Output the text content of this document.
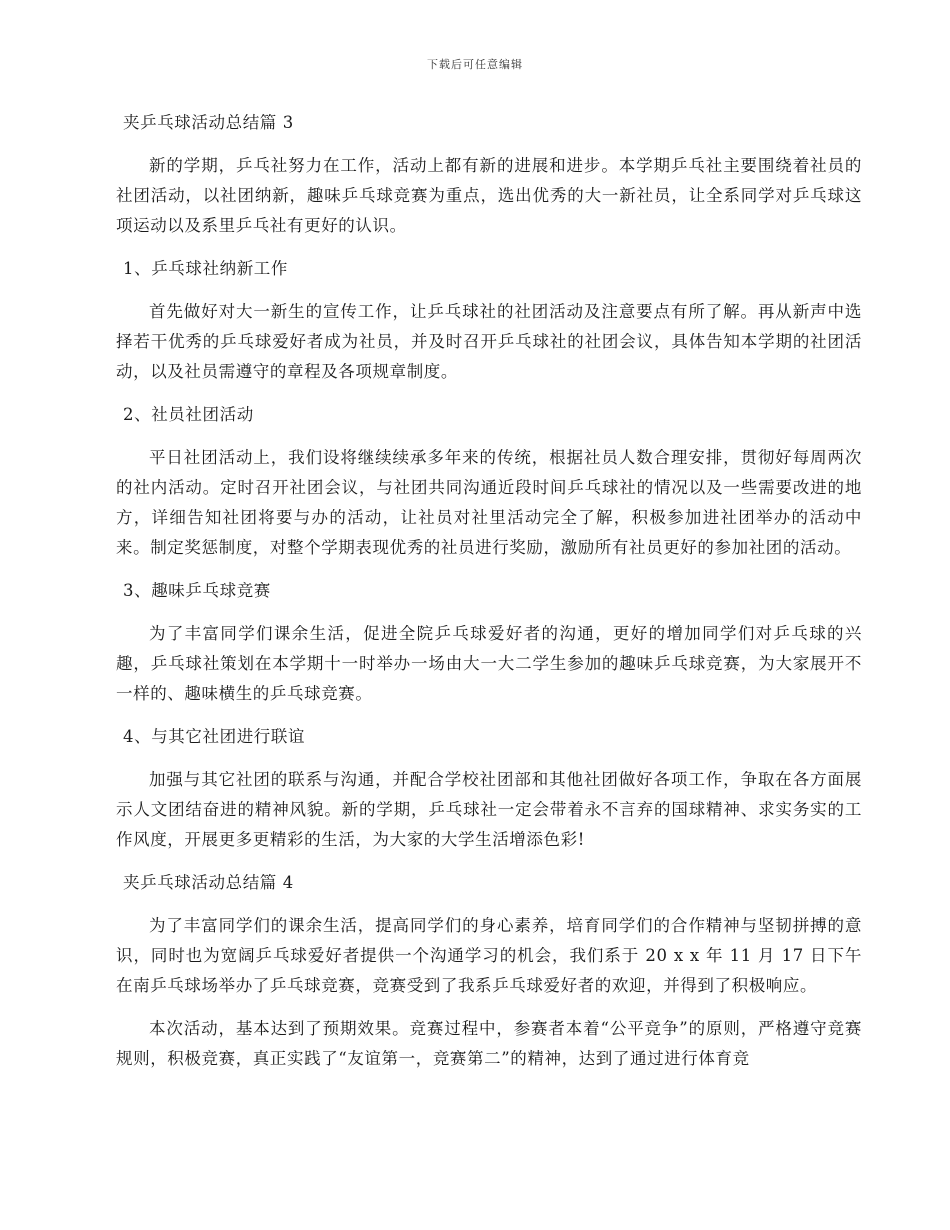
下载后可任意编辑

夹乒乓球活动总结篇 3

新的学期，乒乓社努力在工作，活动上都有新的进展和进步。本学期乒乓社主要围绕着社员的社团活动，以社团纳新，趣味乒乓球竞赛为重点，选出优秀的大一新社员，让全系同学对乒乓球这项运动以及系里乒乓社有更好的认识。

1、乒乓球社纳新工作

首先做好对大一新生的宣传工作，让乒乓球社的社团活动及注意要点有所了解。再从新声中选择若干优秀的乒乓球爱好者成为社员，并及时召开乒乓球社的社团会议，具体告知本学期的社团活动，以及社员需遵守的章程及各项规章制度。

2、社员社团活动

平日社团活动上，我们设将继续续承多年来的传统，根据社员人数合理安排，贯彻好每周两次的社内活动。定时召开社团会议，与社团共同沟通近段时间乒乓球社的情况以及一些需要改进的地方，详细告知社团将要与办的活动，让社员对社里活动完全了解，积极参加进社团举办的活动中来。制定奖惩制度，对整个学期表现优秀的社员进行奖励，激励所有社员更好的参加社团的活动。

3、趣味乒乓球竞赛

为了丰富同学们课余生活，促进全院乒乓球爱好者的沟通，更好的增加同学们对乒乓球的兴趣，乒乓球社策划在本学期十一时举办一场由大一大二学生参加的趣味乒乓球竞赛，为大家展开不一样的、趣味横生的乒乓球竞赛。

4、与其它社团进行联谊

加强与其它社团的联系与沟通，并配合学校社团部和其他社团做好各项工作，争取在各方面展示人文团结奋进的精神风貌。新的学期，乒乓球社一定会带着永不言弃的国球精神、求实务实的工作风度，开展更多更精彩的生活，为大家的大学生活增添色彩!

夹乒乓球活动总结篇 4

为了丰富同学们的课余生活，提高同学们的身心素养，培育同学们的合作精神与坚韧拼搏的意识，同时也为宽阔乒乓球爱好者提供一个沟通学习的机会，我们系于 20 x x 年 11 月 17 日下午在南乒乓球场举办了乒乓球竞赛，竞赛受到了我系乒乓球爱好者的欢迎，并得到了积极响应。

本次活动，基本达到了预期效果。竞赛过程中，参赛者本着“公平竞争”的原则，严格遵守竞赛规则，积极竞赛，真正实践了“友谊第一，竞赛第二”的精神，达到了通过进行体育竞
